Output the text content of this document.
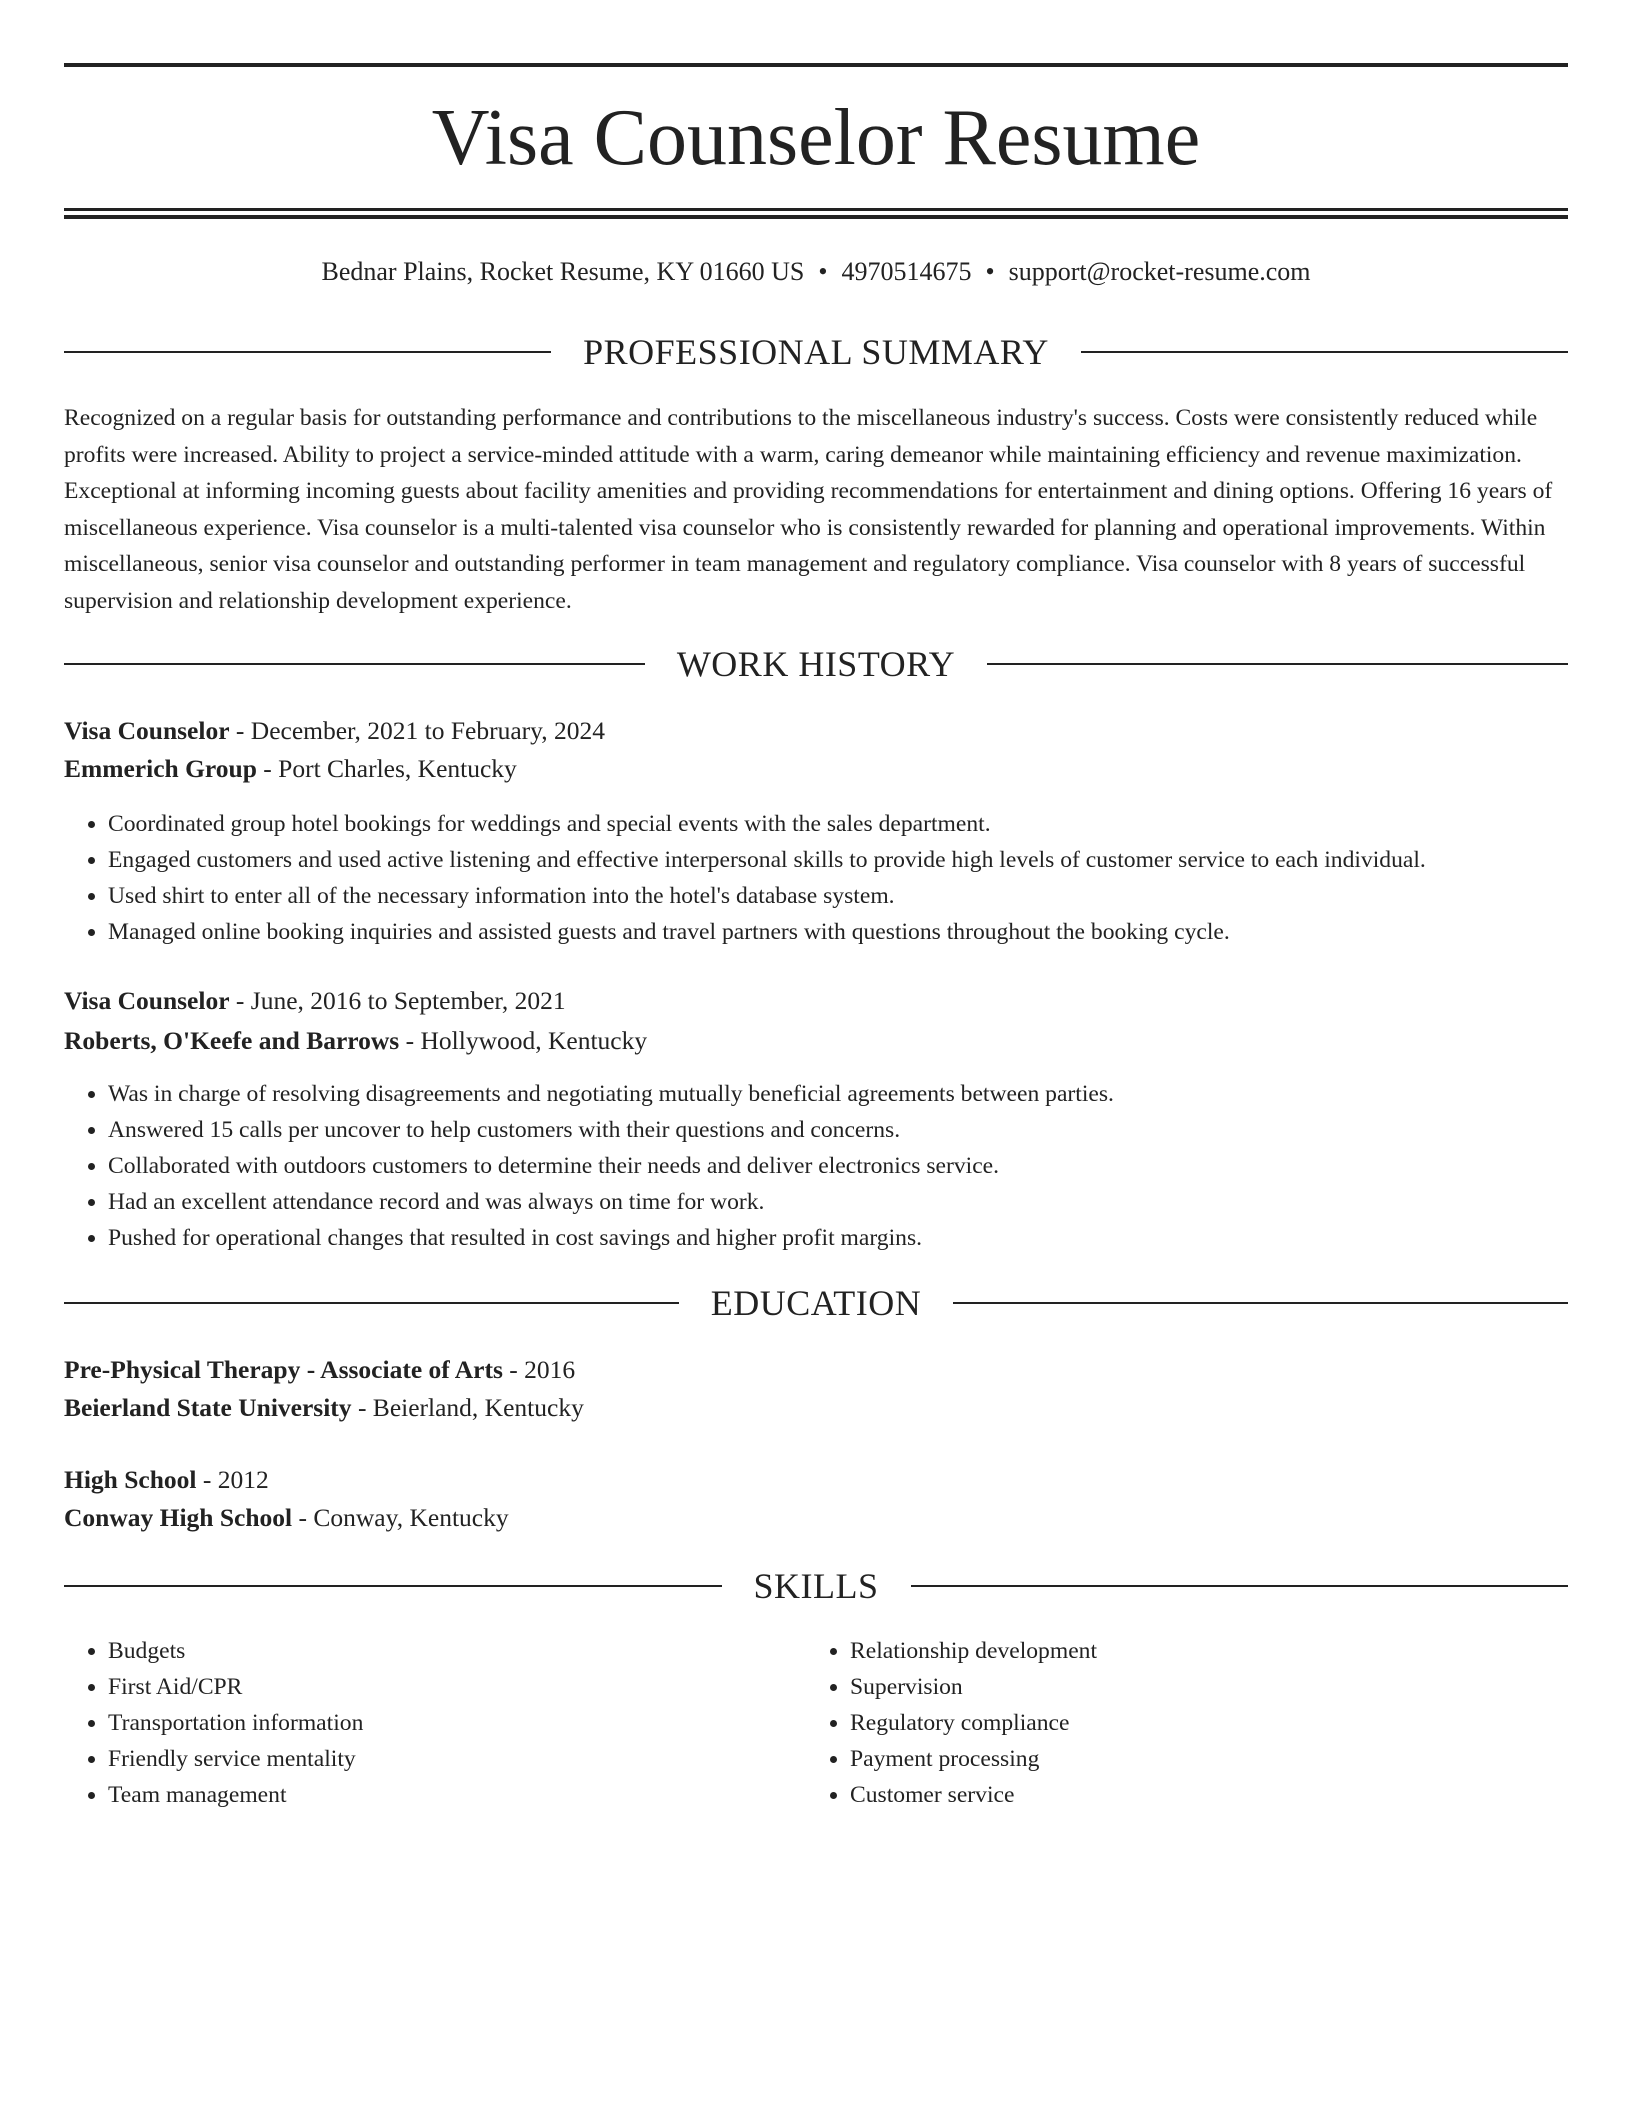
Visa Counselor Resume
Bednar Plains, Rocket Resume, KY 01660 US • 4970514675 • support@rocket-resume.com
PROFESSIONAL SUMMARY

Recognized on a regular basis for outstanding performance and contributions to the miscellaneous industry's success. Costs were consistently reduced while profits were increased. Ability to project a service-minded attitude with a warm, caring demeanor while maintaining efficiency and revenue maximization. Exceptional at informing incoming guests about facility amenities and providing recommendations for entertainment and dining options. Offering 16 years of miscellaneous experience. Visa counselor is a multi-talented visa counselor who is consistently rewarded for planning and operational improvements. Within miscellaneous, senior visa counselor and outstanding performer in team management and regulatory compliance. Visa counselor with 8 years of successful supervision and relationship development experience.

WORK HISTORY
Visa Counselor - December, 2021 to February, 2024
Emmerich Group - Port Charles, Kentucky
• Coordinated group hotel bookings for weddings and special events with the sales department.
• Engaged customers and used active listening and effective interpersonal skills to provide high levels of customer service to each individual.
• Used shirt to enter all of the necessary information into the hotel's database system.
• Managed online booking inquiries and assisted guests and travel partners with questions throughout the booking cycle.
Visa Counselor - June, 2016 to September, 2021
Roberts, O'Keefe and Barrows - Hollywood, Kentucky
• Was in charge of resolving disagreements and negotiating mutually beneficial agreements between parties.
• Answered 15 calls per uncover to help customers with their questions and concerns.
• Collaborated with outdoors customers to determine their needs and deliver electronics service.
• Had an excellent attendance record and was always on time for work.
• Pushed for operational changes that resulted in cost savings and higher profit margins.
EDUCATION
Pre-Physical Therapy - Associate of Arts - 2016
Beierland State University - Beierland, Kentucky
High School - 2012
Conway High School - Conway, Kentucky
SKILLS
• Budgets
• First Aid/CPR
• Transportation information
• Friendly service mentality
• Team management
• Relationship development
• Supervision
• Regulatory compliance
• Payment processing
• Customer service
